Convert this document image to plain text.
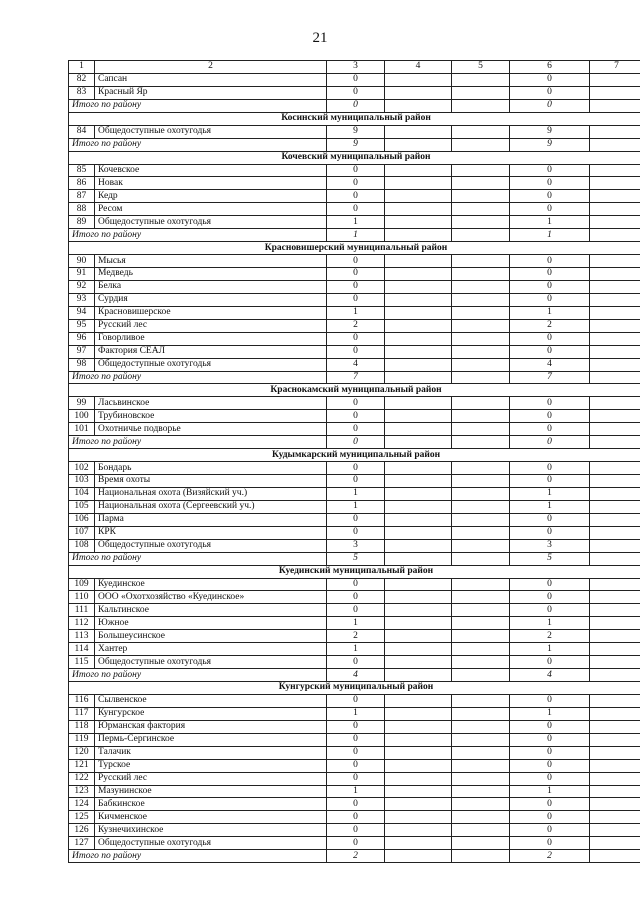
21
1	2	3	4	5	6	7
82	Сапсан	0			0	
83	Красный Яр	0			0	
Итого по району		0			0	
Косинский муниципальный район						
84	Общедоступные охотугодья	9			9	
Итого по району		9			9	
Кочевский муниципальный район						
85	Кочевское	0			0	
86	Новак	0			0	
87	Кедр	0			0	
88	Ресом	0			0	
89	Общедоступные охотугодья	1			1	
Итого по району		1			1	
Красновишерский муниципальный район						
90	Мысья	0			0	
91	Медведь	0			0	
92	Белка	0			0	
93	Сурдия	0			0	
94	Красновишерское	1			1	
95	Русский лес	2			2	
96	Говорливое	0			0	
97	Фактория СЕАЛ	0			0	
98	Общедоступные охотугодья	4			4	
Итого по району		7			7	
Краснокамский муниципальный район						
99	Ласьвинское	0			0	
100	Трубиновское	0			0	
101	Охотничье подворье	0			0	
Итого по району		0			0	
Кудымкарский муниципальный район						
102	Бондарь	0			0	
103	Время охоты	0			0	
104	Национальная охота (Визяйский уч.)	1			1	
105	Национальная охота (Сергеевский уч.)	1			1	
106	Парма	0			0	
107	КРК	0			0	
108	Общедоступные охотугодья	3			3	
Итого по району		5			5	
Куединский муниципальный район						
109	Куединское	0			0	
110	ООО «Охотхозяйство «Куединское»	0			0	
111	Кальтинское	0			0	
112	Южное	1			1	
113	Большеусинское	2			2	
114	Хантер	1			1	
115	Общедоступные охотугодья	0			0	
Итого по району		4			4	
Кунгурский муниципальный район						
116	Сылвенское	0			0	
117	Кунгурское	1			1	
118	Юрманская фактория	0			0	
119	Пермь-Сергинское	0			0	
120	Талачик	0			0	
121	Турское	0			0	
122	Русский лес	0			0	
123	Мазунинское	1			1	
124	Бабкинское	0			0	
125	Кичменское	0			0	
126	Кузнечихинское	0			0	
127	Общедоступные охотугодья	0			0	
Итого по району		2			2	
